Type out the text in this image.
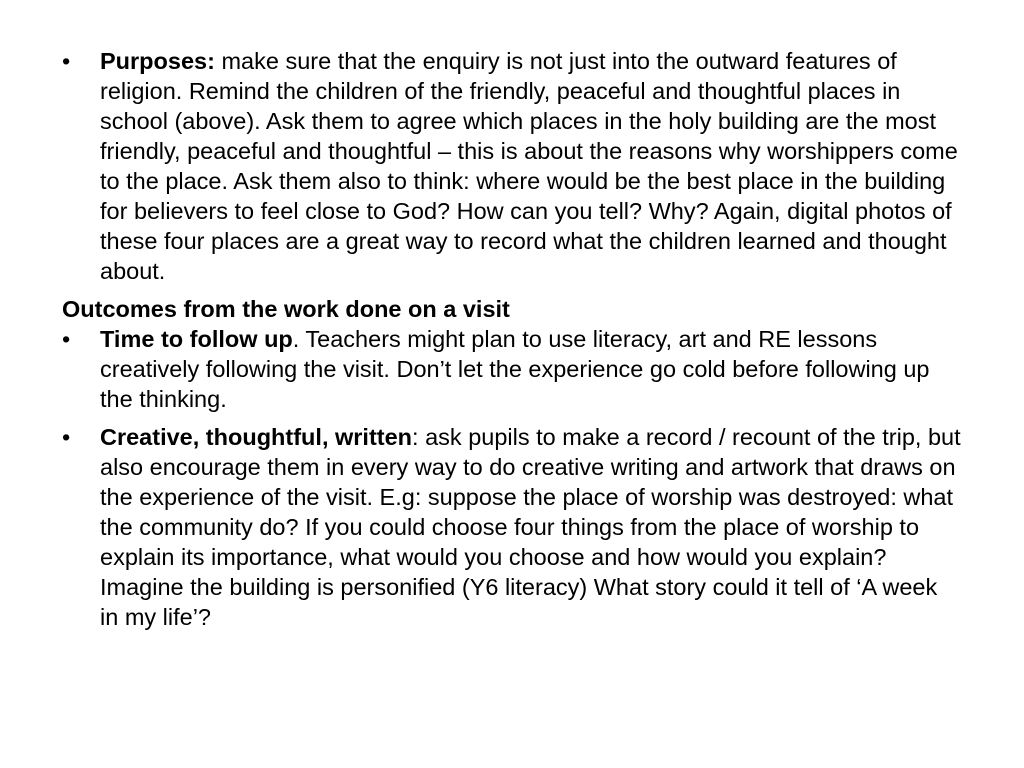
•
Purposes: make sure that the enquiry is not just into the outward features of religion. Remind the children of the friendly, peaceful and thoughtful places in school (above). Ask them to agree which places in the holy building are the most friendly, peaceful and thoughtful – this is about the reasons why worshippers come to the place. Ask them also to think: where would be the best place in the building for believers to feel close to God? How can you tell? Why? Again, digital photos of these four places are a great way to record what the children learned and thought about.

Outcomes from the work done on a visit

•
Time to follow up. Teachers might plan to use literacy, art and RE lessons creatively following the visit. Don’t let the experience go cold before following up the thinking.

•
Creative, thoughtful, written: ask pupils to make a record / recount of the trip, but also encourage them in every way to do creative writing and artwork that draws on the experience of the visit. E.g: suppose the place of worship was destroyed: what the community do? If you could choose four things from the place of worship to explain its importance, what would you choose and how would you explain? Imagine the building is personified (Y6 literacy) What story could it tell of ‘A week in my life’?
